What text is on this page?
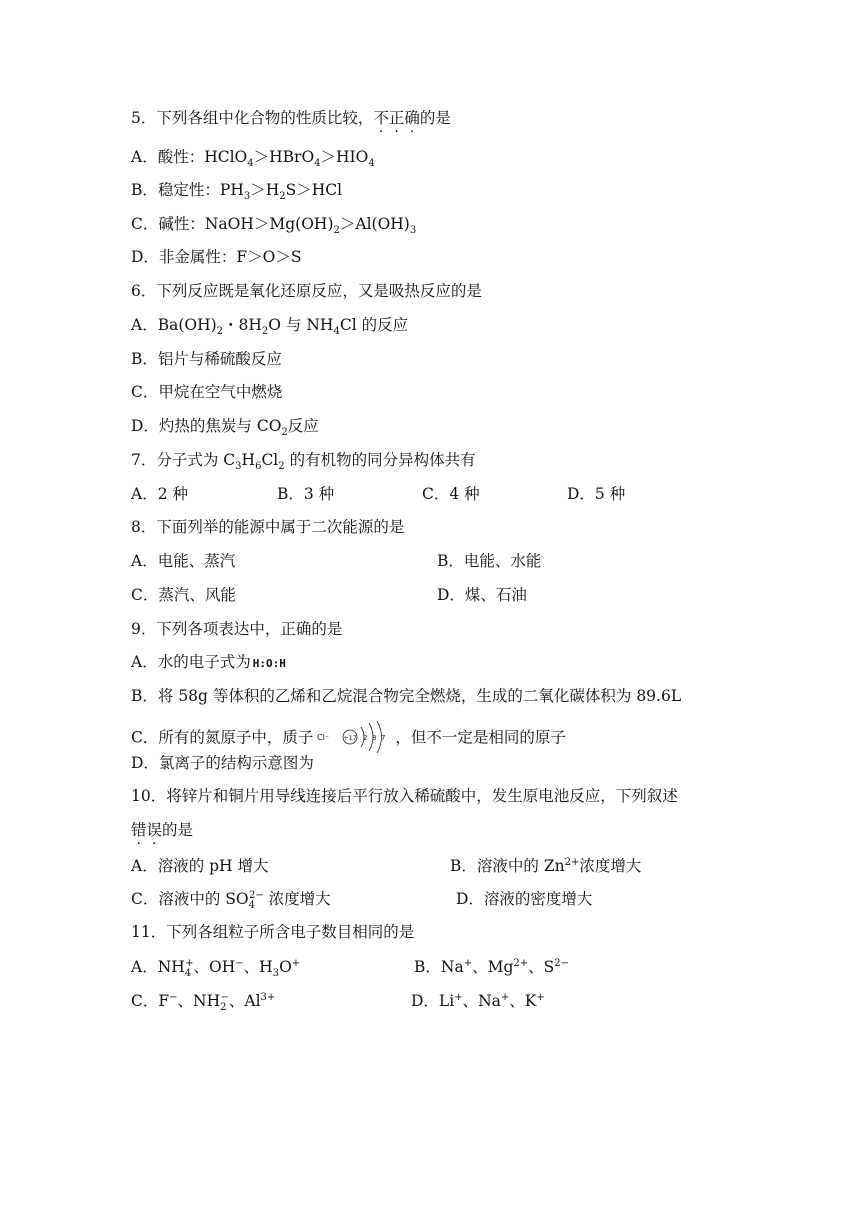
5．下列各组中化合物的性质比较，不正确的是
A．酸性：$HClO_4>HBrO_4>HIO_4$
B．稳定性：$PH_3>H_2S>HCl$
C．碱性：$NaOH>Mg(OH)_2>Al(OH)_3$
D．非金属性：F＞O＞S
6．下列反应既是氧化还原反应，又是吸热反应的是
A．$Ba(OH)_2$・$8H_2O$ 与 $NH_4Cl$ 的反应
B．铝片与稀硫酸反应
C．甲烷在空气中燃烧
D．灼热的焦炭与 $CO_2$反应
7．分子式为 $C_3H_6Cl_2$ 的有机物的同分异构体共有
A．2 种	B．3 种	C．4 种	D．5 种
8．下面列举的能源中属于二次能源的是
A．电能、蒸汽	B．电能、水能
C．蒸汽、风能	D．煤、石油
9．下列各项表达中，正确的是
A．水的电子式为 H:O:H
B．将 58g 等体积的乙烯和乙烷混合物完全燃烧，生成的二氧化碳体积为 89.6L
C．所有的氮原子中，质子 Cl⁻ +17 2 8 7 ，但不一定是相同的原子
D．氯离子的结构示意图为
10．将锌片和铜片用导线连接后平行放入稀硫酸中，发生原电池反应，下列叙述
错误的是
A．溶液的 pH 增大	B．溶液中的 $Zn^{2+}$浓度增大
C．溶液中的 $SO_4^{2-}$ 浓度增大	D．溶液的密度增大
11．下列各组粒子所含电子数目相同的是
A．$NH_4^+$、OH−、$H_3O^+$	B．Na+、$Mg^{2+}$、$S^{2-}$
C．F−、$NH_2^-$、$Al^{3+}$	D．Li+、Na+、K+
